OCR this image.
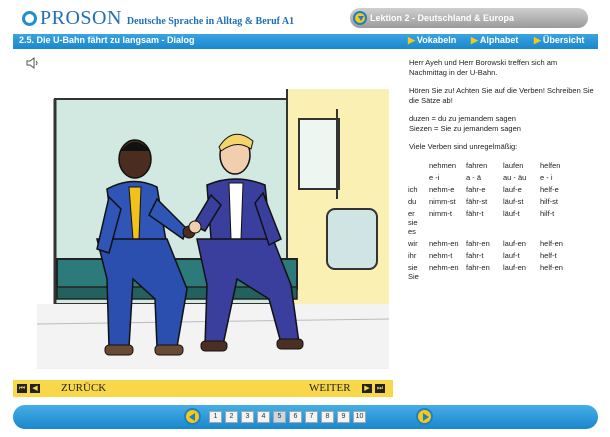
PROSON Deutsche Sprache in Alltag & Beruf A1	Lektion 2 - Deutschland & Europa
2.5. Die U-Bahn fährt zu langsam - Dialog	▶ Vokabeln ▶ Alphabet ▶ Übersicht

Herr Ayeh und Herr Borowski treffen sich am Nachmittag in der U-Bahn.

Hören Sie zu! Achten Sie auf die Verben! Schreiben Sie die Sätze ab!

duzen = du zu jemandem sagen
Siezen = Sie zu jemandem sagen

Viele Verben sind unregelmäßig:

	nehmen	fahren	laufen	helfen
	e -i	a - ä	au - äu	e - i
ich	nehm-e	fahr-e	lauf-e	helf-e
du	nimm-st	fähr-st	läuf-st	hilf-st
er sie es	nimm-t	fähr-t	läuf-t	hilf-t
wir	nehm-en	fahr-en	lauf-en	helf-en
ihr	nehm-t	fahr-t	lauf-t	helf-t
sie Sie	nehm-en	fahr-en	lauf-en	helf-en
⏮	◀ ZURÜCK	WEITER	▶	⏭
1	2	3	4	5	6	7	8	9	10
